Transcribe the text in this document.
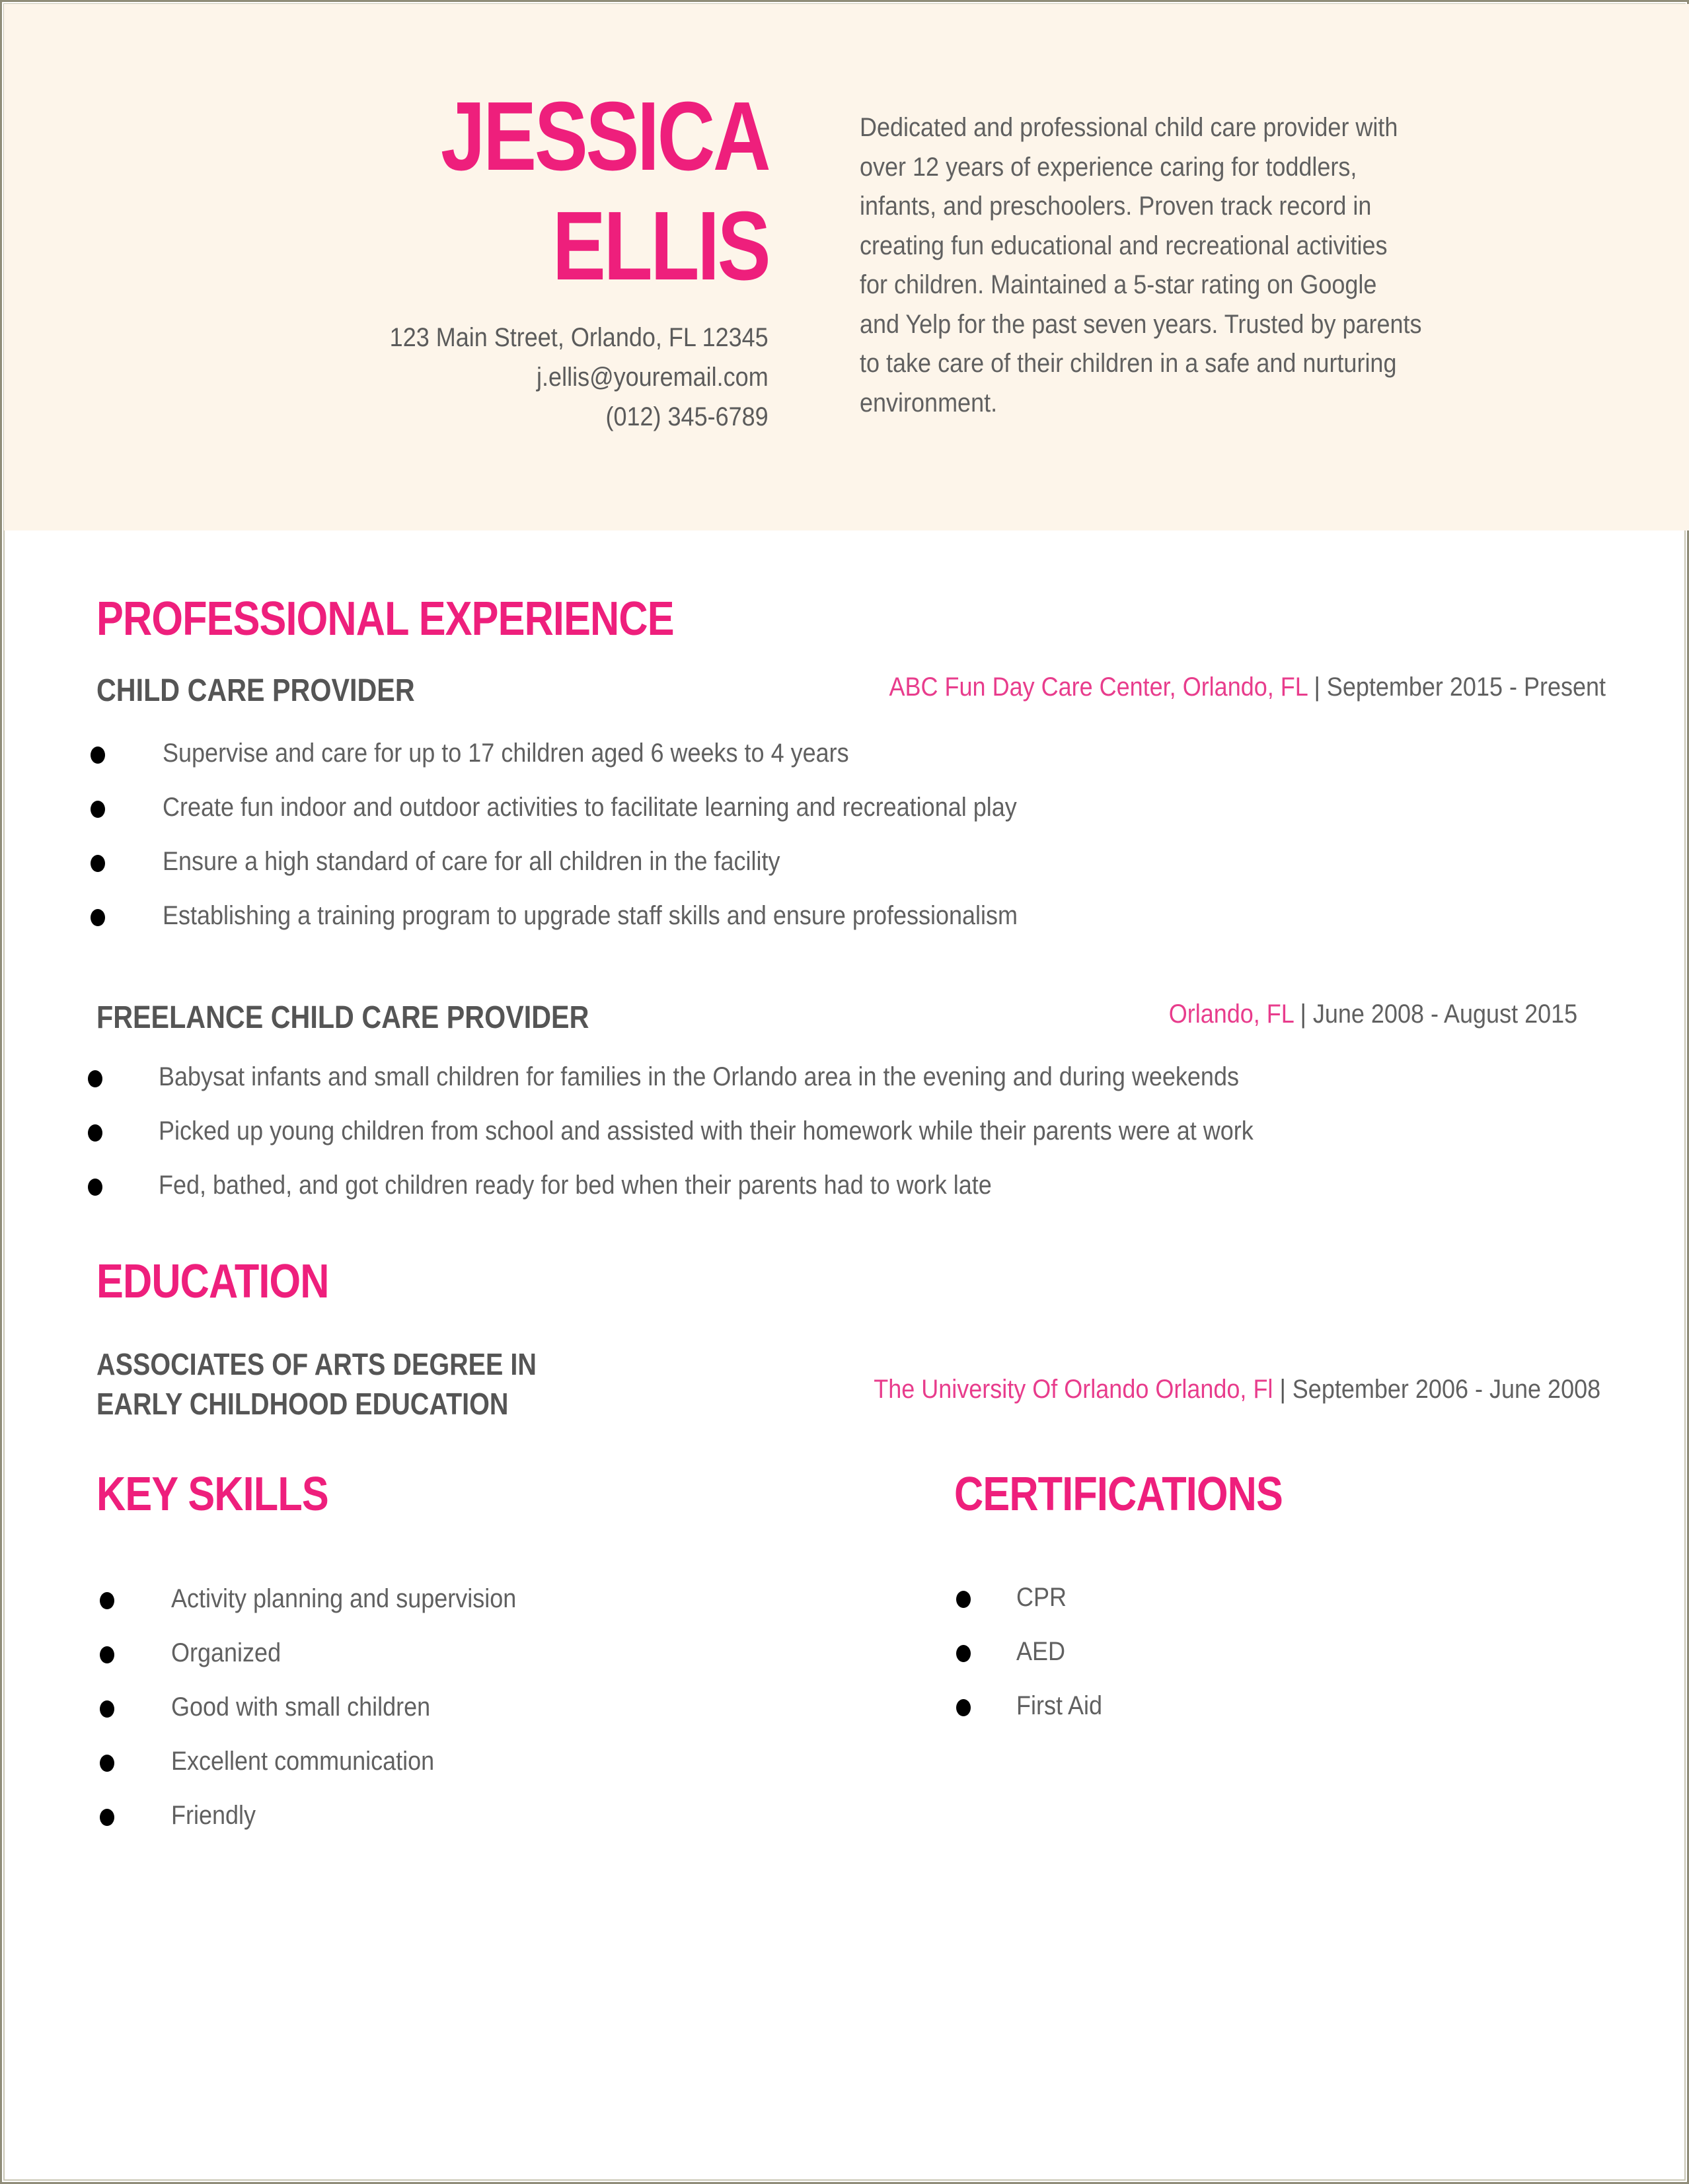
JESSICA
ELLIS
123 Main Street, Orlando, FL 12345
j.ellis@youremail.com
(012) 345-6789
Dedicated and professional child care provider with
over 12 years of experience caring for toddlers,
infants, and preschoolers. Proven track record in
creating fun educational and recreational activities
for children. Maintained a 5-star rating on Google
and Yelp for the past seven years. Trusted by parents
to take care of their children in a safe and nurturing
environment.
PROFESSIONAL EXPERIENCE
CHILD CARE PROVIDER	ABC Fun Day Care Center, Orlando, FL | September 2015 - Present
Supervise and care for up to 17 children aged 6 weeks to 4 years
Create fun indoor and outdoor activities to facilitate learning and recreational play
Ensure a high standard of care for all children in the facility
Establishing a training program to upgrade staff skills and ensure professionalism
FREELANCE CHILD CARE PROVIDER	Orlando, FL | June 2008 - August 2015
Babysat infants and small children for families in the Orlando area in the evening and during weekends
Picked up young children from school and assisted with their homework while their parents were at work
Fed, bathed, and got children ready for bed when their parents had to work late
EDUCATION
ASSOCIATES OF ARTS DEGREE IN
EARLY CHILDHOOD EDUCATION	The University Of Orlando Orlando, Fl | September 2006 - June 2008
KEY SKILLS
Activity planning and supervision
Organized
Good with small children
Excellent communication
Friendly
CERTIFICATIONS
CPR
AED
First Aid
